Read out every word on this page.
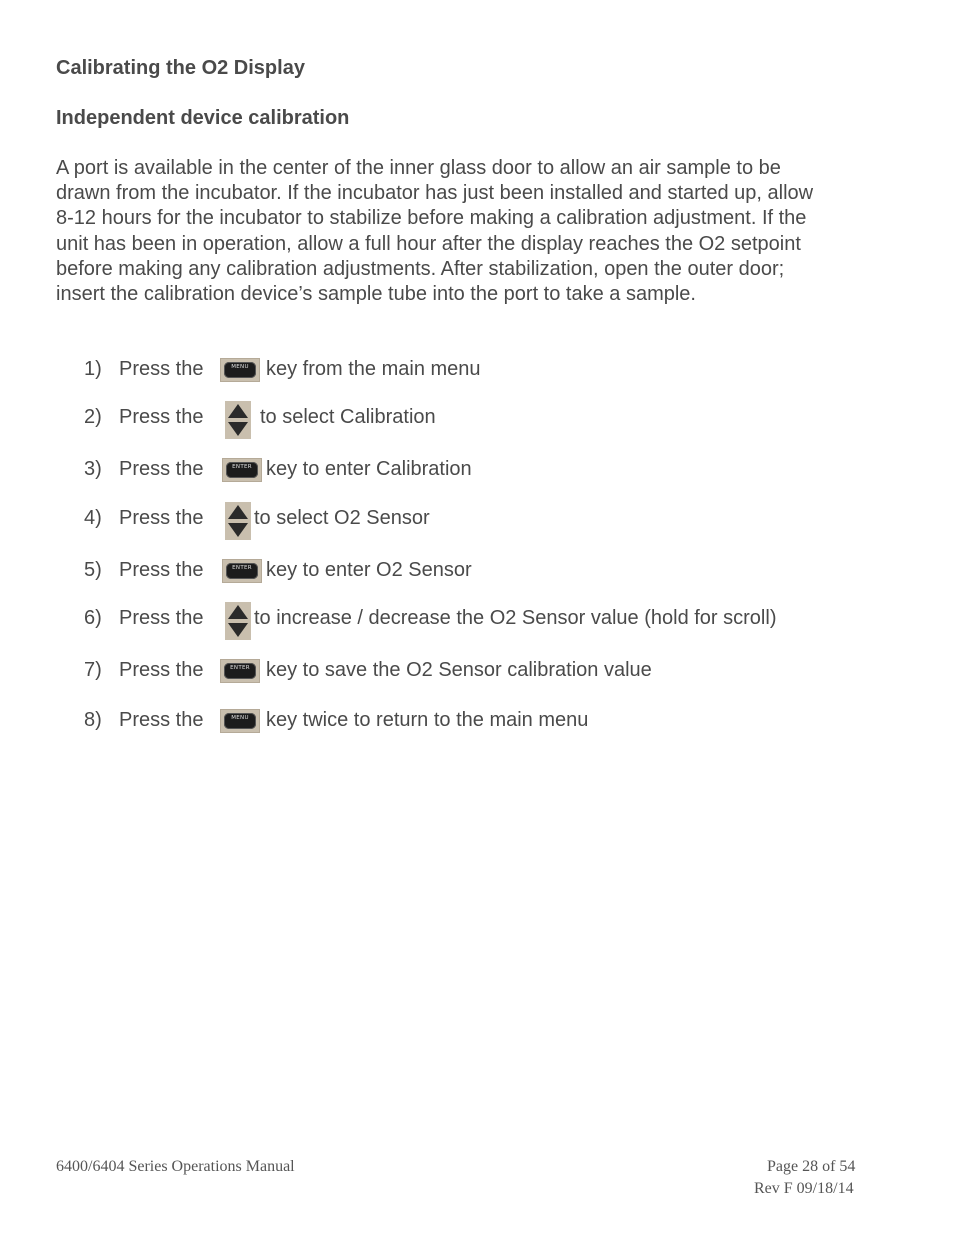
Calibrating the O2 Display
Independent device calibration

A port is available in the center of the inner glass door to allow an air sample to be
drawn from the incubator. If the incubator has just been installed and started up, allow
8-12 hours for the incubator to stabilize before making a calibration adjustment. If the
unit has been in operation, allow a full hour after the display reaches the O2 setpoint
before making any calibration adjustments. After stabilization, open the outer door;
insert the calibration device’s sample tube into the port to take a sample.

1) Press the	MENU key from the main menu
2) Press the	to select Calibration
3) Press the	ENTER key to enter Calibration
4) Press the	to select O2 Sensor
5) Press the	ENTER key to enter O2 Sensor
6) Press the	to increase / decrease the O2 Sensor value (hold for scroll)
7) Press the	ENTER key to save the O2 Sensor calibration value
8) Press the	MENU key twice to return to the main menu

6400/6404 Series Operations Manual	Page 28 of 54

Rev F 09/18/14
